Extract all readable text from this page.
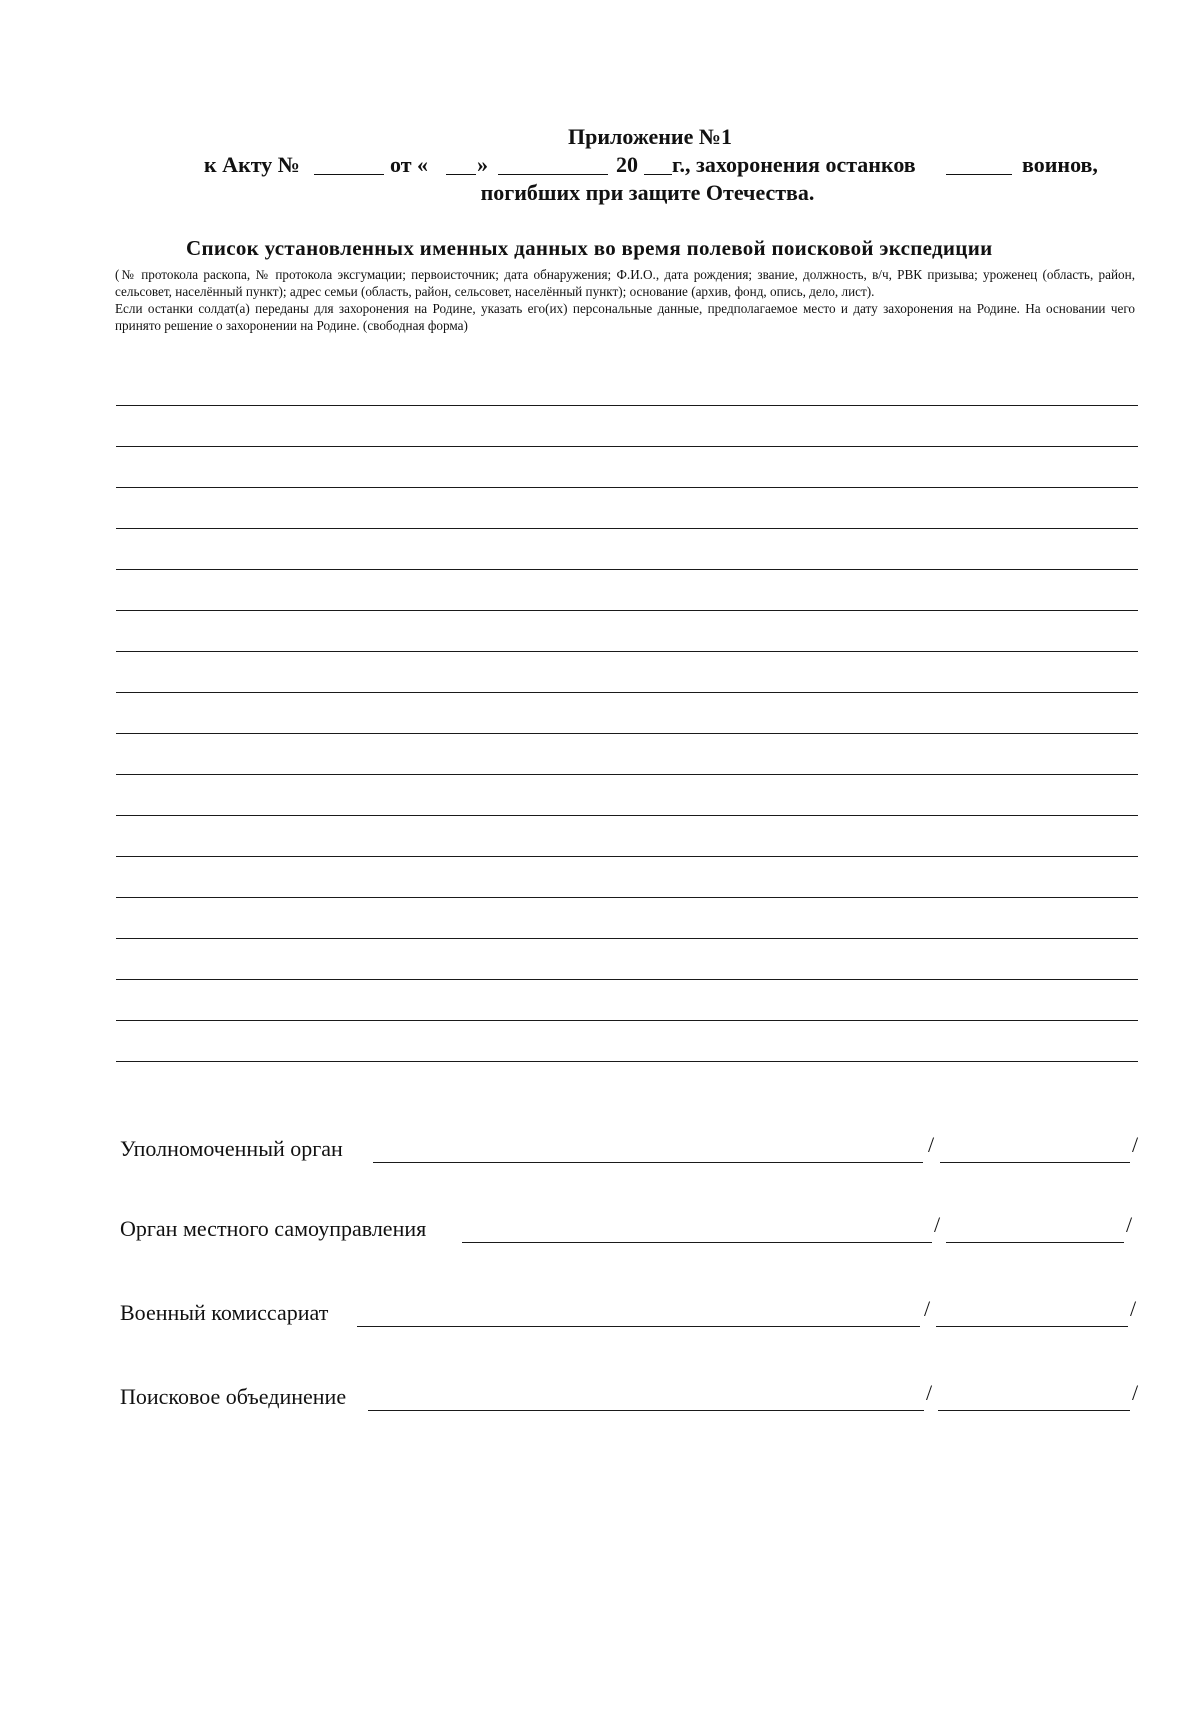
Приложение №1
к Акту №	от « »	20 г., захоронения останков	воинов,
погибших при защите Отечества.
Список установленных именных данных во время полевой поисковой экспедиции

(№ протокола раскопа, № протокола эксгумации; первоисточник; дата обнаружения; Ф.И.О., дата рождения; звание, должность, в/ч, РВК призыва; уроженец (область, район, сельсовет, населённый пункт); адрес семьи (область, район, сельсовет, населённый пункт); основание (архив, фонд, опись, дело, лист).

Если останки солдат(а) переданы для захоронения на Родине, указать его(их) персональные данные, предполагаемое место и дату захоронения на Родине. На основании чего принято решение о захоронении на Родине. (свободная форма)

Уполномоченный орган	/	/
Орган местного самоуправления	/	/
Военный комиссариат	/	/
Поисковое объединение	/	/
